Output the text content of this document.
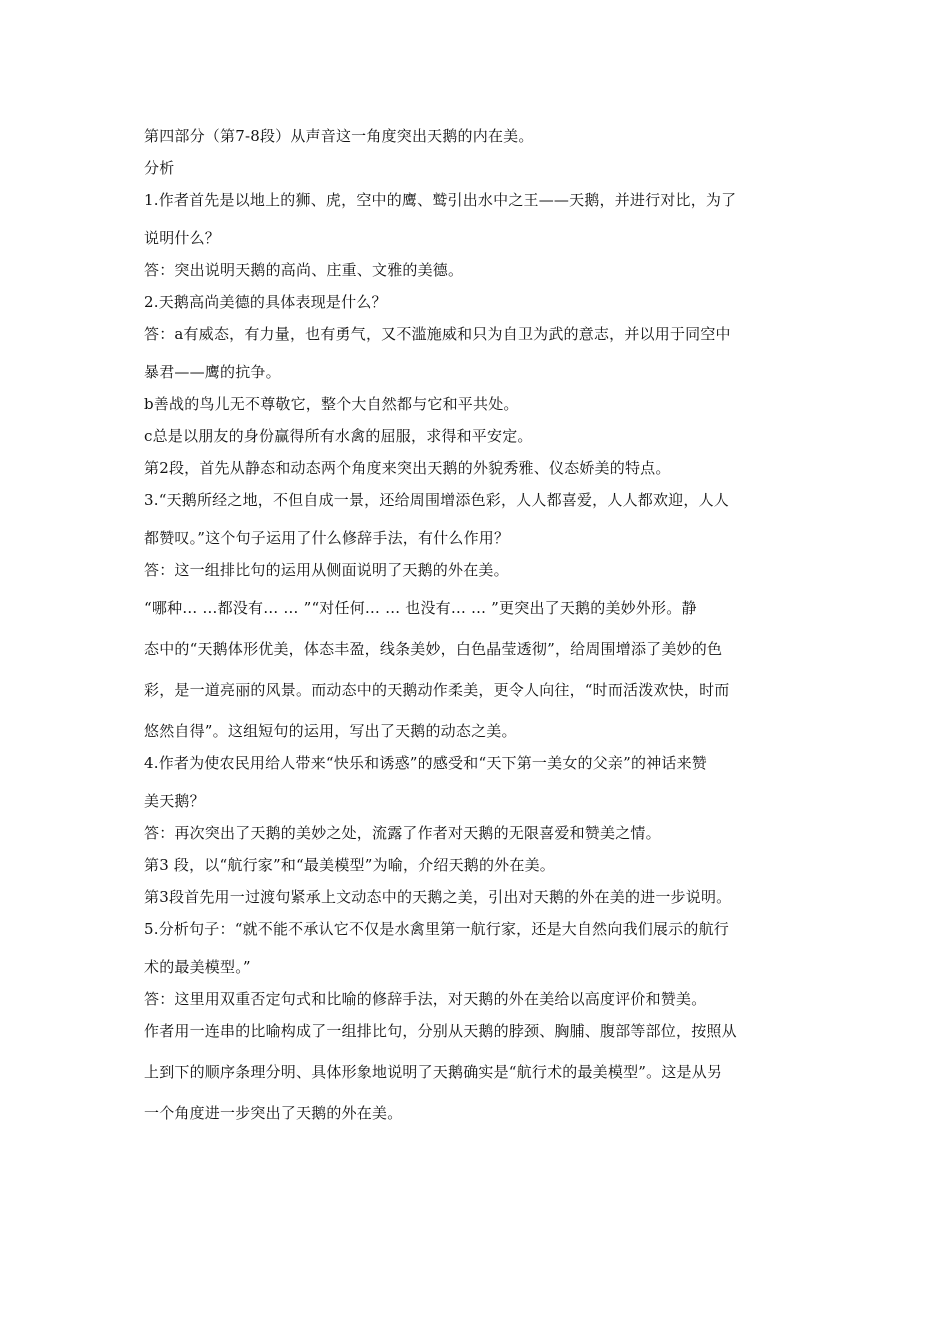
第四部分（第7-8段）从声音这一角度突出天鹅的内在美。
分析
1.作者首先是以地上的狮、虎，空中的鹰、鹫引出水中之王——天鹅，并进行对比，为了
说明什么？
答：突出说明天鹅的高尚、庄重、文雅的美德。
2.天鹅高尚美德的具体表现是什么？
答：a有威态，有力量，也有勇气，又不滥施威和只为自卫为武的意志，并以用于同空中
暴君——鹰的抗争。
b善战的鸟儿无不尊敬它，整个大自然都与它和平共处。
c总是以朋友的身份赢得所有水禽的屈服，求得和平安定。
第2段，首先从静态和动态两个角度来突出天鹅的外貌秀雅、仪态娇美的特点。
3.“天鹅所经之地，不但自成一景，还给周围增添色彩，人人都喜爱，人人都欢迎，人人
都赞叹。”这个句子运用了什么修辞手法，有什么作用？
答：这一组排比句的运用从侧面说明了天鹅的外在美。
“哪种… …都没有… … ”“对任何… … 也没有… … ”更突出了天鹅的美妙外形。静
态中的“天鹅体形优美，体态丰盈，线条美妙，白色晶莹透彻”，给周围增添了美妙的色
彩，是一道亮丽的风景。而动态中的天鹅动作柔美，更令人向往，“时而活泼欢快，时而
悠然自得”。这组短句的运用，写出了天鹅的动态之美。
4.作者为使农民用给人带来“快乐和诱惑”的感受和“天下第一美女的父亲”的神话来赞
美天鹅？
答：再次突出了天鹅的美妙之处，流露了作者对天鹅的无限喜爱和赞美之情。
第3 段，以“航行家”和“最美模型”为喻，介绍天鹅的外在美。
第3段首先用一过渡句紧承上文动态中的天鹅之美，引出对天鹅的外在美的进一步说明。
5.分析句子：“就不能不承认它不仅是水禽里第一航行家，还是大自然向我们展示的航行
术的最美模型。”
答：这里用双重否定句式和比喻的修辞手法，对天鹅的外在美给以高度评价和赞美。
作者用一连串的比喻构成了一组排比句，分别从天鹅的脖颈、胸脯、腹部等部位，按照从
上到下的顺序条理分明、具体形象地说明了天鹅确实是“航行术的最美模型”。这是从另
一个角度进一步突出了天鹅的外在美。
